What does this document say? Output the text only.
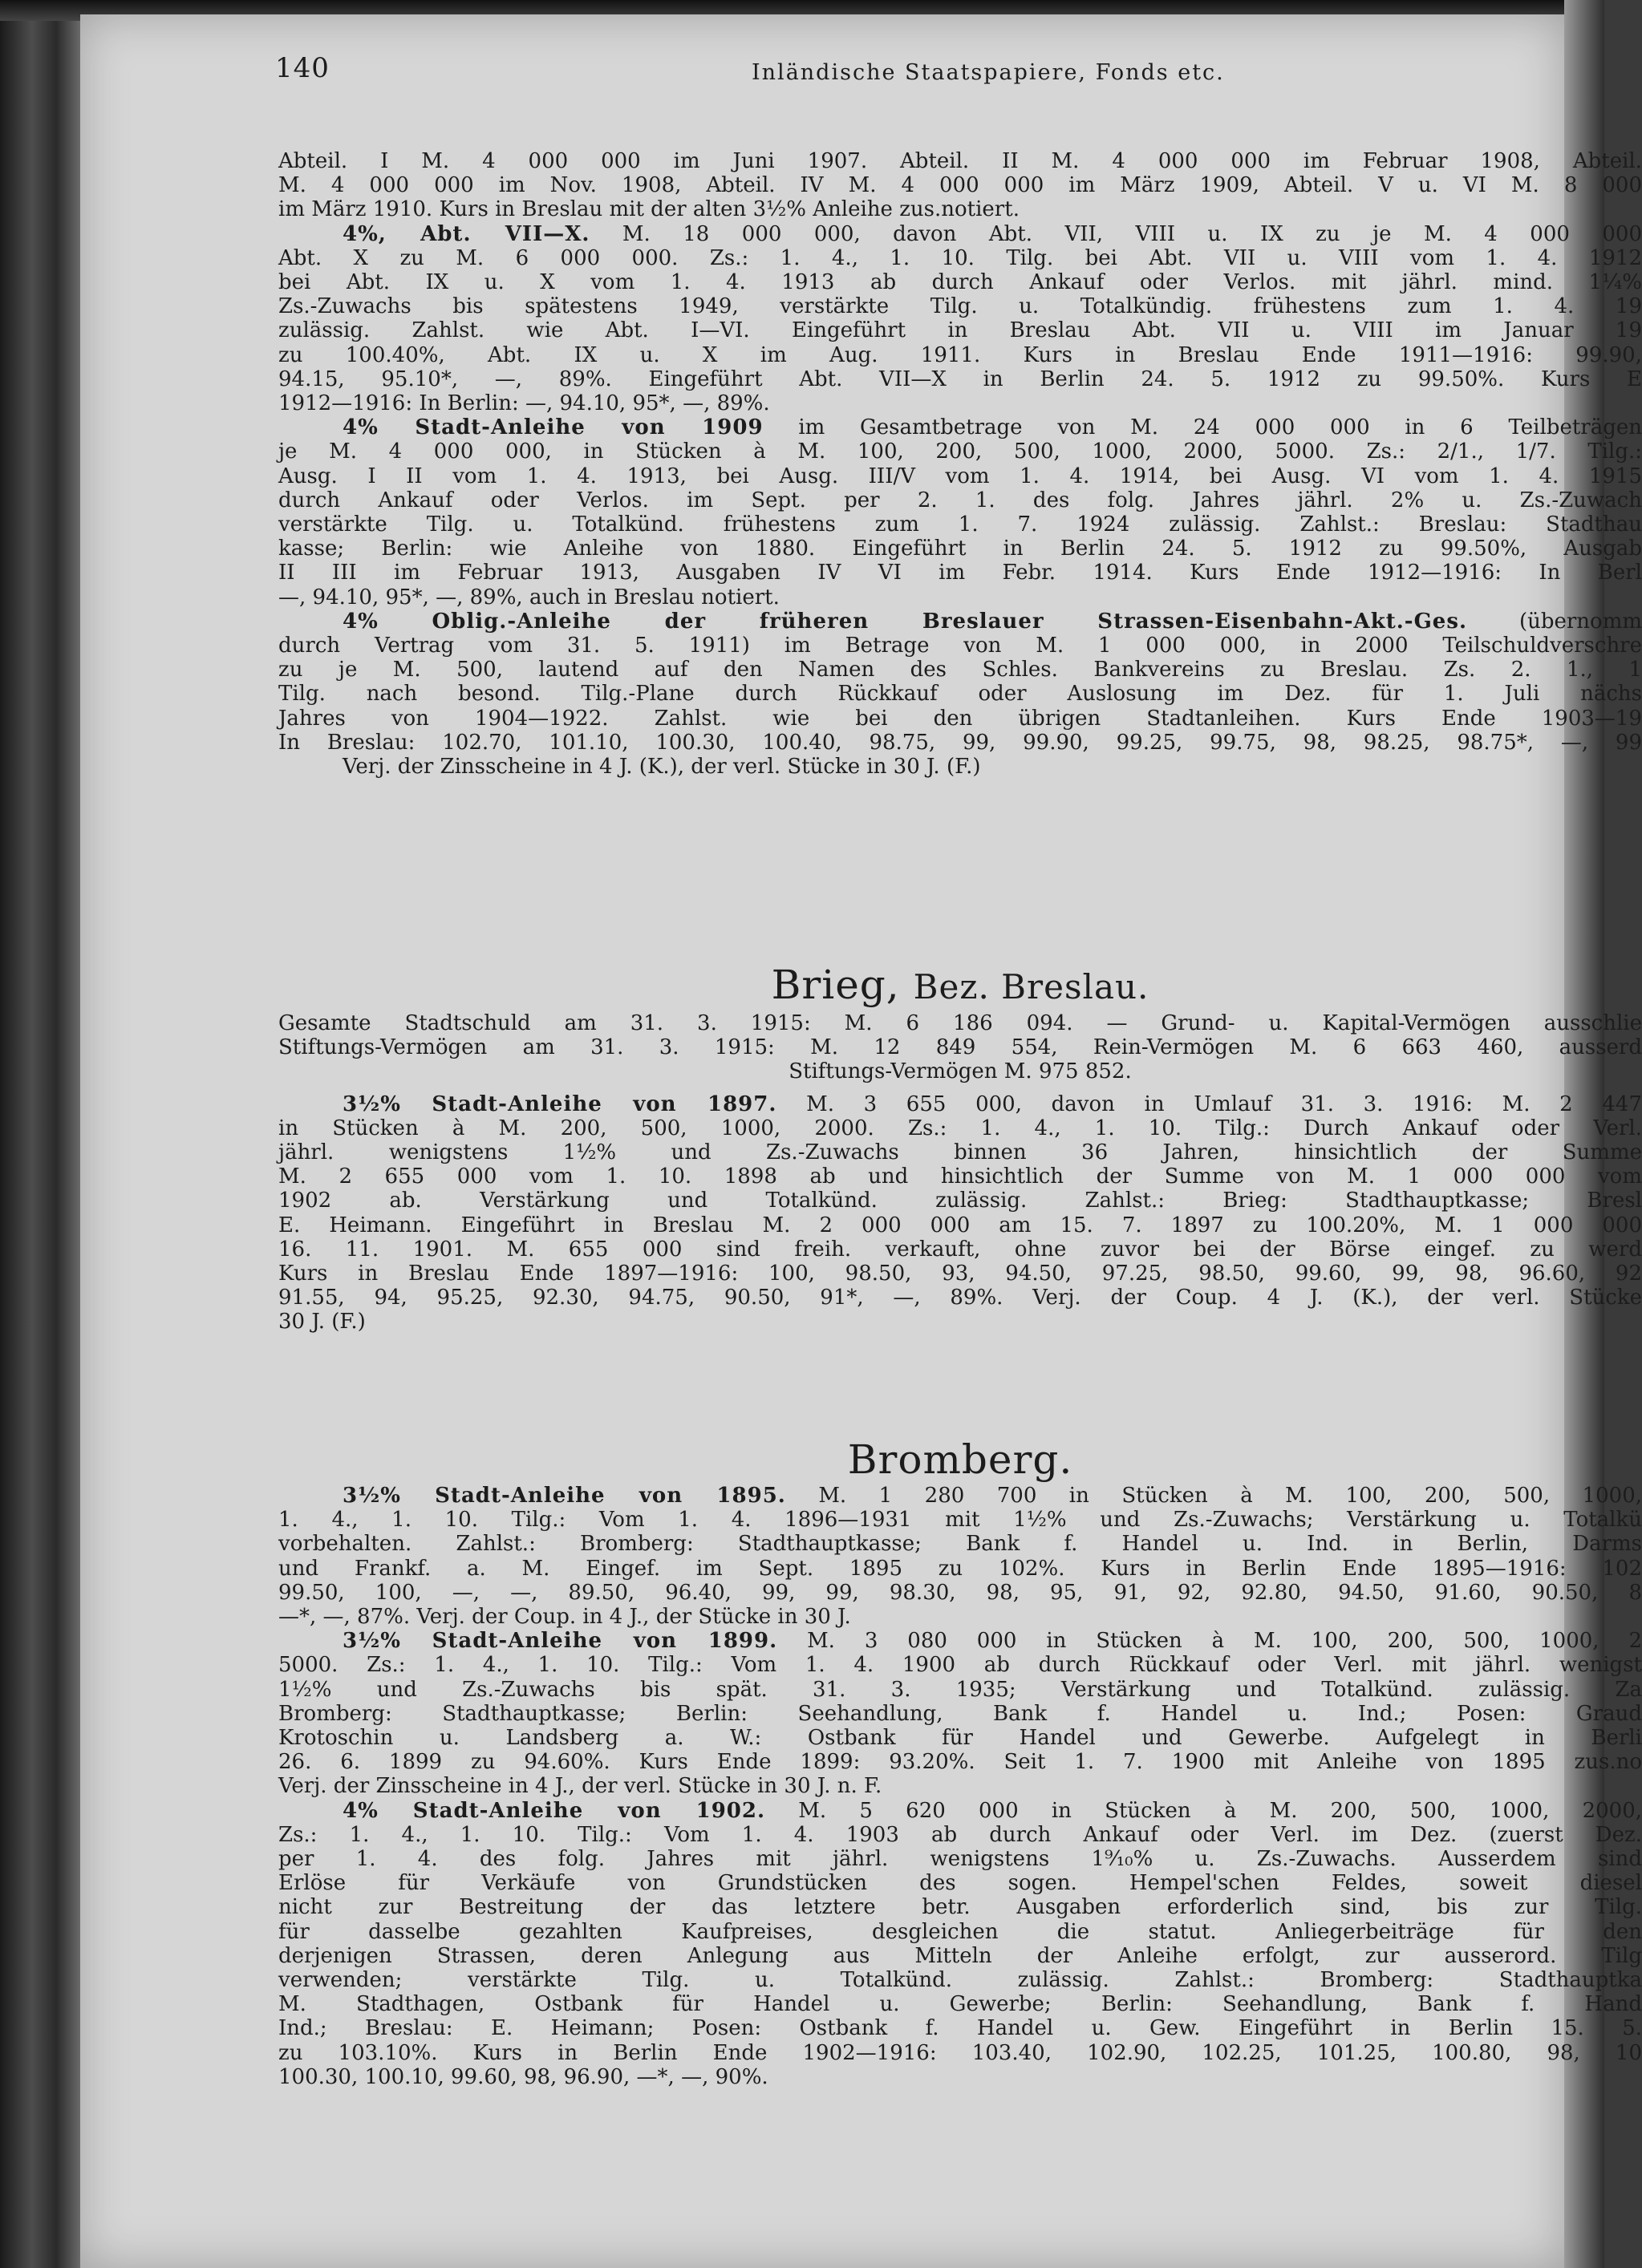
140	Inländische Staatspapiere, Fonds etc.
Abteil. I M. 4 000 000 im Juni 1907. Abteil. II M. 4 000 000 im Februar 1908, Abteil.
M. 4 000 000 im Nov. 1908, Abteil. IV M. 4 000 000 im März 1909, Abteil. V u. VI M. 8 000
im März 1910. Kurs in Breslau mit der alten 3½% Anleihe zus.notiert.
4%, Abt. VII—X. M. 18 000 000, davon Abt. VII, VIII u. IX zu je M. 4 000 000
Abt. X zu M. 6 000 000. Zs.: 1. 4., 1. 10. Tilg. bei Abt. VII u. VIII vom 1. 4. 1912
bei Abt. IX u. X vom 1. 4. 1913 ab durch Ankauf oder Verlos. mit jährl. mind. 1¼%
Zs.-Zuwachs bis spätestens 1949, verstärkte Tilg. u. Totalkündig. frühestens zum 1. 4. 19
zulässig. Zahlst. wie Abt. I—VI. Eingeführt in Breslau Abt. VII u. VIII im Januar 19
zu 100.40%, Abt. IX u. X im Aug. 1911. Kurs in Breslau Ende 1911—1916: 99.90,
94.15, 95.10*, —, 89%. Eingeführt Abt. VII—X in Berlin 24. 5. 1912 zu 99.50%. Kurs E
1912—1916: In Berlin: —, 94.10, 95*, —, 89%.
4% Stadt-Anleihe von 1909 im Gesamtbetrage von M. 24 000 000 in 6 Teilbeträgen
je M. 4 000 000, in Stücken à M. 100, 200, 500, 1000, 2000, 5000. Zs.: 2/1., 1/7. Tilg.:
Ausg. I II vom 1. 4. 1913, bei Ausg. III/V vom 1. 4. 1914, bei Ausg. VI vom 1. 4. 1915
durch Ankauf oder Verlos. im Sept. per 2. 1. des folg. Jahres jährl. 2% u. Zs.-Zuwach
verstärkte Tilg. u. Totalkünd. frühestens zum 1. 7. 1924 zulässig. Zahlst.: Breslau: Stadthau
kasse; Berlin: wie Anleihe von 1880. Eingeführt in Berlin 24. 5. 1912 zu 99.50%, Ausgab
II III im Februar 1913, Ausgaben IV VI im Febr. 1914. Kurs Ende 1912—1916: In Berl
—, 94.10, 95*, —, 89%, auch in Breslau notiert.
4% Oblig.-Anleihe der früheren Breslauer Strassen-Eisenbahn-Akt.-Ges. (übernomm
durch Vertrag vom 31. 5. 1911) im Betrage von M. 1 000 000, in 2000 Teilschuldverschre
zu je M. 500, lautend auf den Namen des Schles. Bankvereins zu Breslau. Zs. 2. 1., 1
Tilg. nach besond. Tilg.-Plane durch Rückkauf oder Auslosung im Dez. für 1. Juli nächs
Jahres von 1904—1922. Zahlst. wie bei den übrigen Stadtanleihen. Kurs Ende 1903—19
In Breslau: 102.70, 101.10, 100.30, 100.40, 98.75, 99, 99.90, 99.25, 99.75, 98, 98.25, 98.75*, —, 99
Verj. der Zinsscheine in 4 J. (K.), der verl. Stücke in 30 J. (F.)

Brieg, Bez. Breslau.

Gesamte Stadtschuld am 31. 3. 1915: M. 6 186 094. — Grund- u. Kapital-Vermögen ausschlie
Stiftungs-Vermögen am 31. 3. 1915: M. 12 849 554, Rein-Vermögen M. 6 663 460, ausserd
Stiftungs-Vermögen M. 975 852.
3½% Stadt-Anleihe von 1897. M. 3 655 000, davon in Umlauf 31. 3. 1916: M. 2 447
in Stücken à M. 200, 500, 1000, 2000. Zs.: 1. 4., 1. 10. Tilg.: Durch Ankauf oder Verl.
jährl. wenigstens 1½% und Zs.-Zuwachs binnen 36 Jahren, hinsichtlich der Summe
M. 2 655 000 vom 1. 10. 1898 ab und hinsichtlich der Summe von M. 1 000 000 vom
1902 ab. Verstärkung und Totalkünd. zulässig. Zahlst.: Brieg: Stadthauptkasse; Bresl
E. Heimann. Eingeführt in Breslau M. 2 000 000 am 15. 7. 1897 zu 100.20%, M. 1 000 000
16. 11. 1901. M. 655 000 sind freih. verkauft, ohne zuvor bei der Börse eingef. zu werd
Kurs in Breslau Ende 1897—1916: 100, 98.50, 93, 94.50, 97.25, 98.50, 99.60, 99, 98, 96.60, 92
91.55, 94, 95.25, 92.30, 94.75, 90.50, 91*, —, 89%. Verj. der Coup. 4 J. (K.), der verl. Stücke
30 J. (F.)

Bromberg.

3½% Stadt-Anleihe von 1895. M. 1 280 700 in Stücken à M. 100, 200, 500, 1000,
1. 4., 1. 10. Tilg.: Vom 1. 4. 1896—1931 mit 1½% und Zs.-Zuwachs; Verstärkung u. Totalkü
vorbehalten. Zahlst.: Bromberg: Stadthauptkasse; Bank f. Handel u. Ind. in Berlin, Darms
und Frankf. a. M. Eingef. im Sept. 1895 zu 102%. Kurs in Berlin Ende 1895—1916: 102
99.50, 100, —, —, 89.50, 96.40, 99, 99, 98.30, 98, 95, 91, 92, 92.80, 94.50, 91.60, 90.50, 8
—*, —, 87%. Verj. der Coup. in 4 J., der Stücke in 30 J.
3½% Stadt-Anleihe von 1899. M. 3 080 000 in Stücken à M. 100, 200, 500, 1000, 2
5000. Zs.: 1. 4., 1. 10. Tilg.: Vom 1. 4. 1900 ab durch Rückkauf oder Verl. mit jährl. wenigst
1½% und Zs.-Zuwachs bis spät. 31. 3. 1935; Verstärkung und Totalkünd. zulässig. Za
Bromberg: Stadthauptkasse; Berlin: Seehandlung, Bank f. Handel u. Ind.; Posen: Graud
Krotoschin u. Landsberg a. W.: Ostbank für Handel und Gewerbe. Aufgelegt in Berli
26. 6. 1899 zu 94.60%. Kurs Ende 1899: 93.20%. Seit 1. 7. 1900 mit Anleihe von 1895 zus.no
Verj. der Zinsscheine in 4 J., der verl. Stücke in 30 J. n. F.
4% Stadt-Anleihe von 1902. M. 5 620 000 in Stücken à M. 200, 500, 1000, 2000,
Zs.: 1. 4., 1. 10. Tilg.: Vom 1. 4. 1903 ab durch Ankauf oder Verl. im Dez. (zuerst Dez.
per 1. 4. des folg. Jahres mit jährl. wenigstens 1⁹⁄₁₀% u. Zs.-Zuwachs. Ausserdem sind
Erlöse für Verkäufe von Grundstücken des sogen. Hempel'schen Feldes, soweit diesel
nicht zur Bestreitung der das letztere betr. Ausgaben erforderlich sind, bis zur Tilg.
für dasselbe gezahlten Kaufpreises, desgleichen die statut. Anliegerbeiträge für den
derjenigen Strassen, deren Anlegung aus Mitteln der Anleihe erfolgt, zur ausserord. Tilg
verwenden; verstärkte Tilg. u. Totalkünd. zulässig. Zahlst.: Bromberg: Stadthauptka
M. Stadthagen, Ostbank für Handel u. Gewerbe; Berlin: Seehandlung, Bank f. Hand
Ind.; Breslau: E. Heimann; Posen: Ostbank f. Handel u. Gew. Eingeführt in Berlin 15. 5.
zu 103.10%. Kurs in Berlin Ende 1902—1916: 103.40, 102.90, 102.25, 101.25, 100.80, 98, 10
100.30, 100.10, 99.60, 98, 96.90, —*, —, 90%.
